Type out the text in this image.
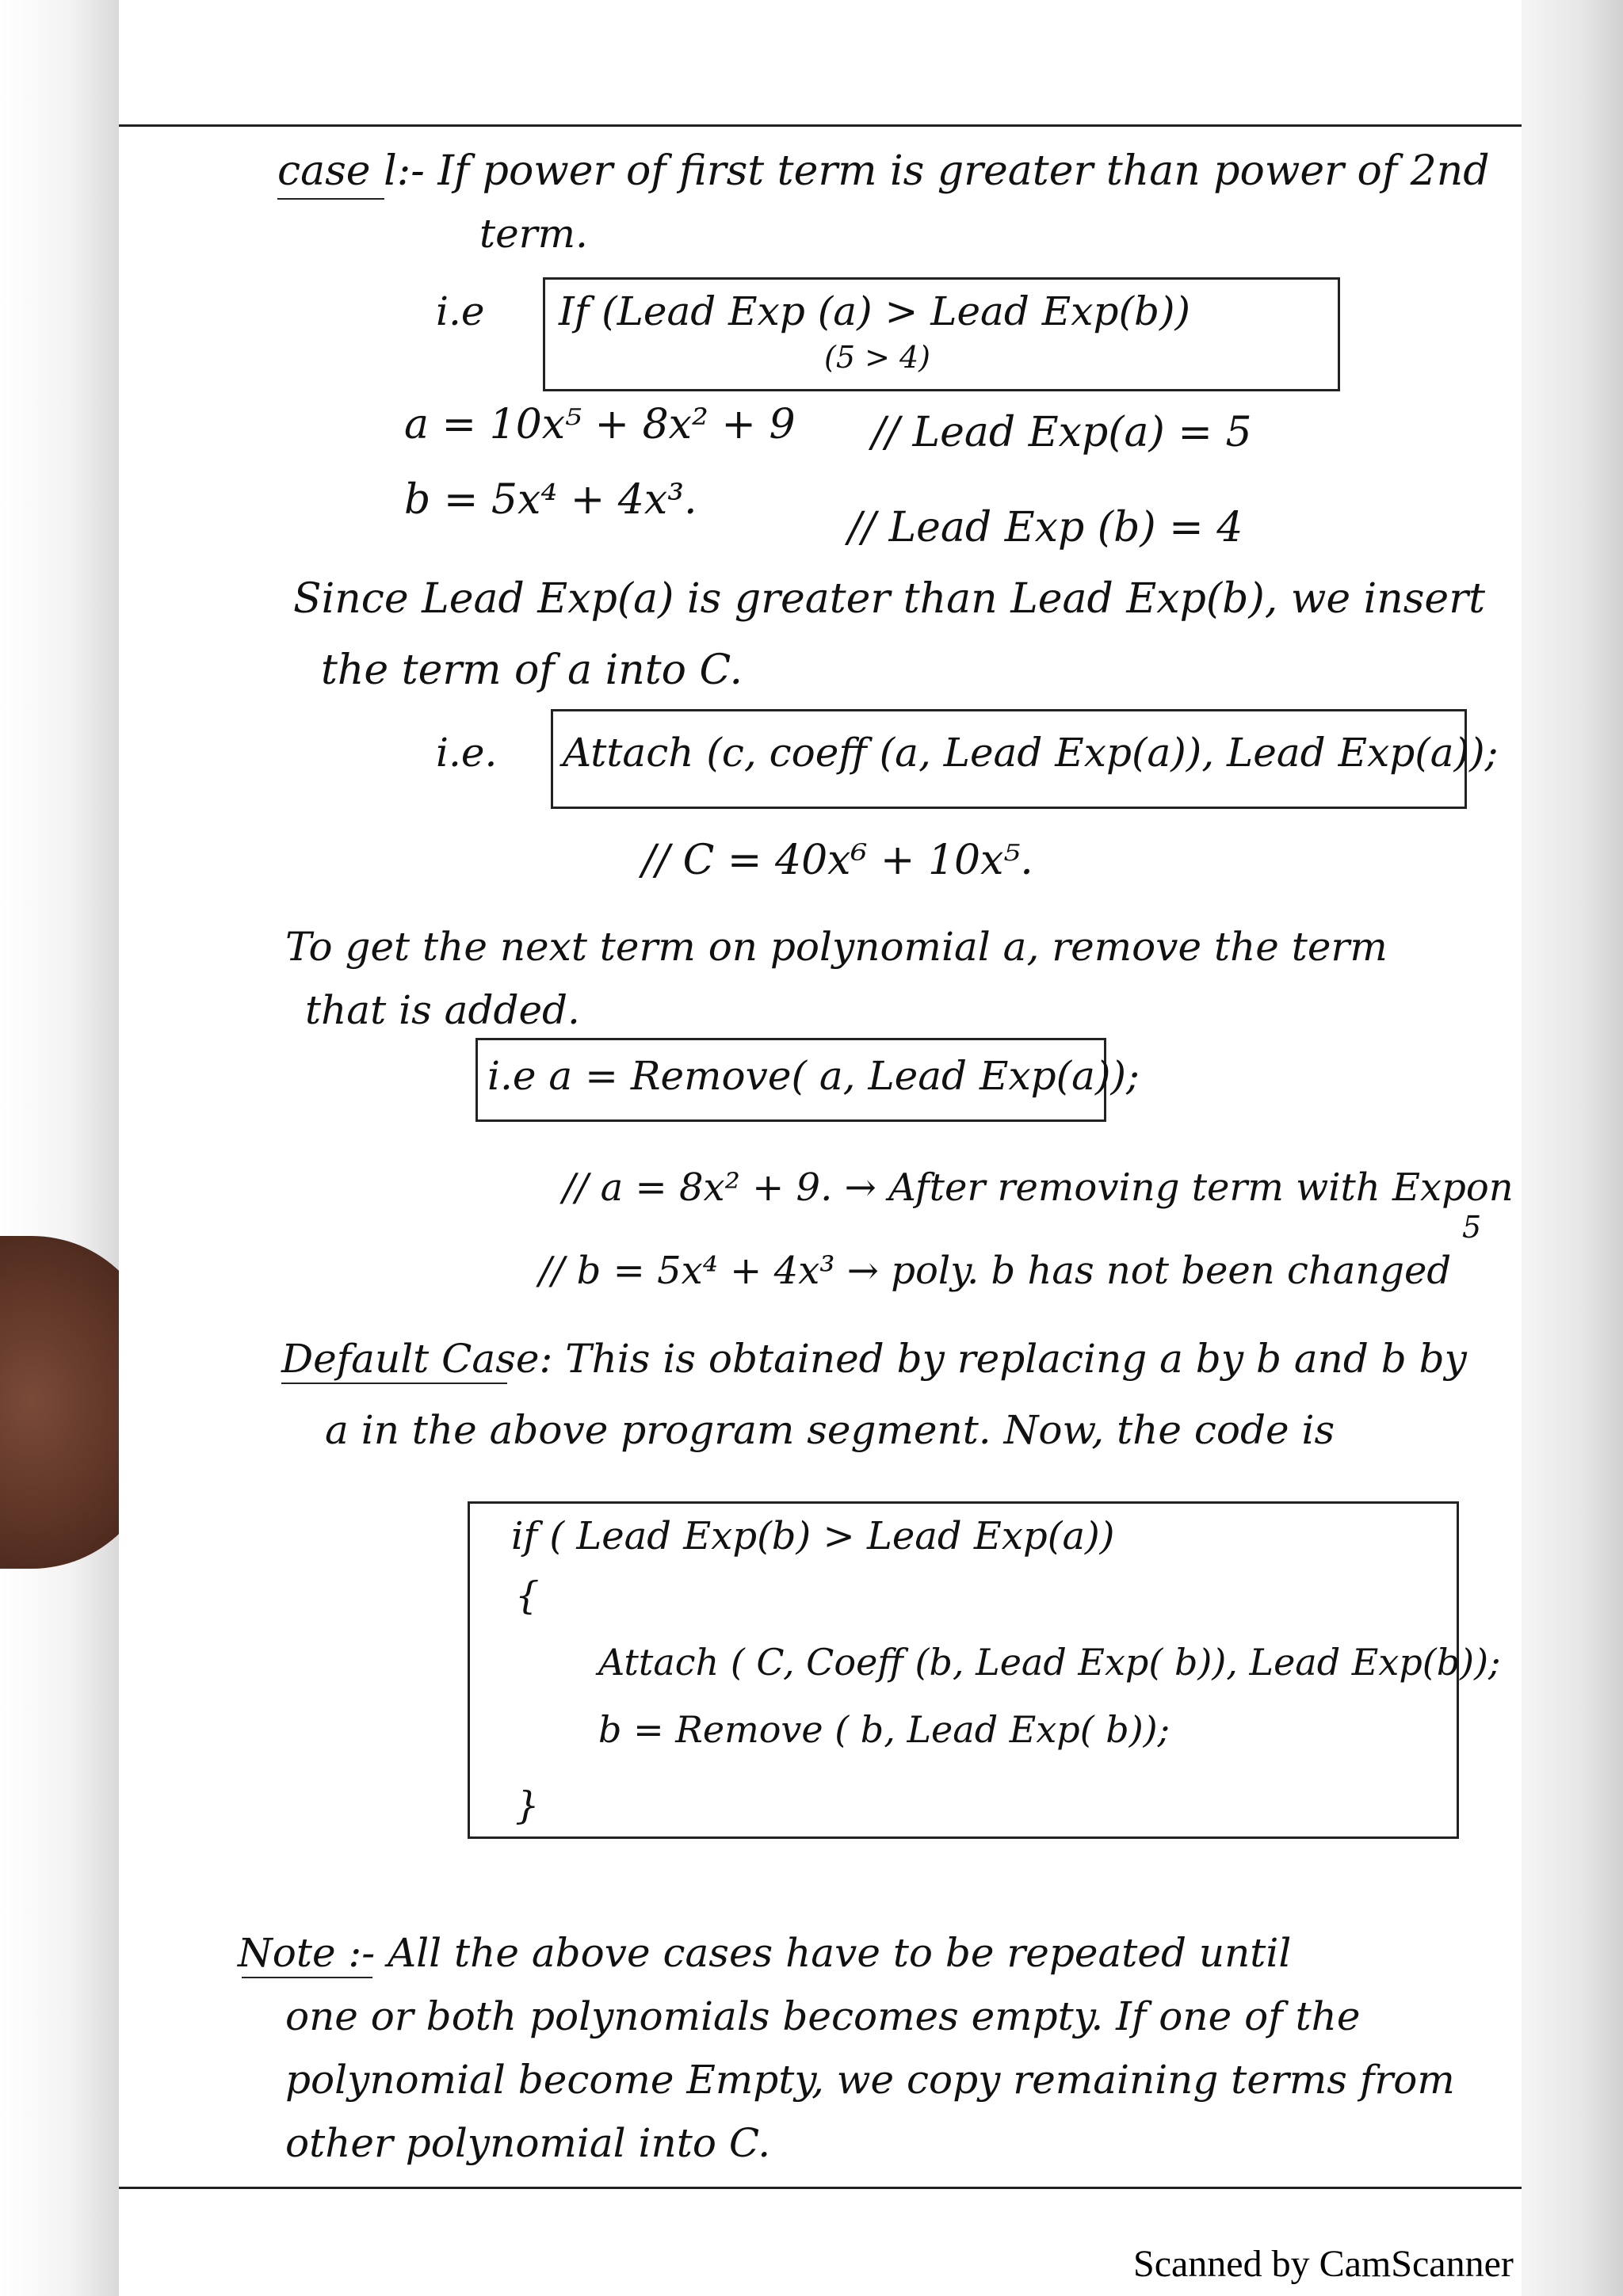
case l:- If power of first term is greater than power of 2nd
term.
i.e If (Lead Exp (a) > Lead Exp(b))
(5 > 4)
a = 10x⁵ + 8x² + 9 // Lead Exp(a) = 5
b = 5x⁴ + 4x³.
// Lead Exp (b) = 4
Since Lead Exp(a) is greater than Lead Exp(b), we insert
the term of a into C.
i.e. Attach (c, coeff (a, Lead Exp(a)), Lead Exp(a));
// C = 40x⁶ + 10x⁵.
To get the next term on polynomial a, remove the term
that is added.
i.e a = Remove( a, Lead Exp(a));
// a = 8x² + 9. → After removing term with Expon
5
// b = 5x⁴ + 4x³ → poly. b has not been changed
Default Case: This is obtained by replacing a by b and b by
a in the above program segment. Now, the code is
if ( Lead Exp(b) > Lead Exp(a))
{
Attach ( C, Coeff (b, Lead Exp( b)), Lead Exp(b));
b = Remove ( b, Lead Exp( b));
}
Note :- All the above cases have to be repeated until
one or both polynomials becomes empty. If one of the
polynomial become Empty, we copy remaining terms from
other polynomial into C.
Scanned by CamScanner
